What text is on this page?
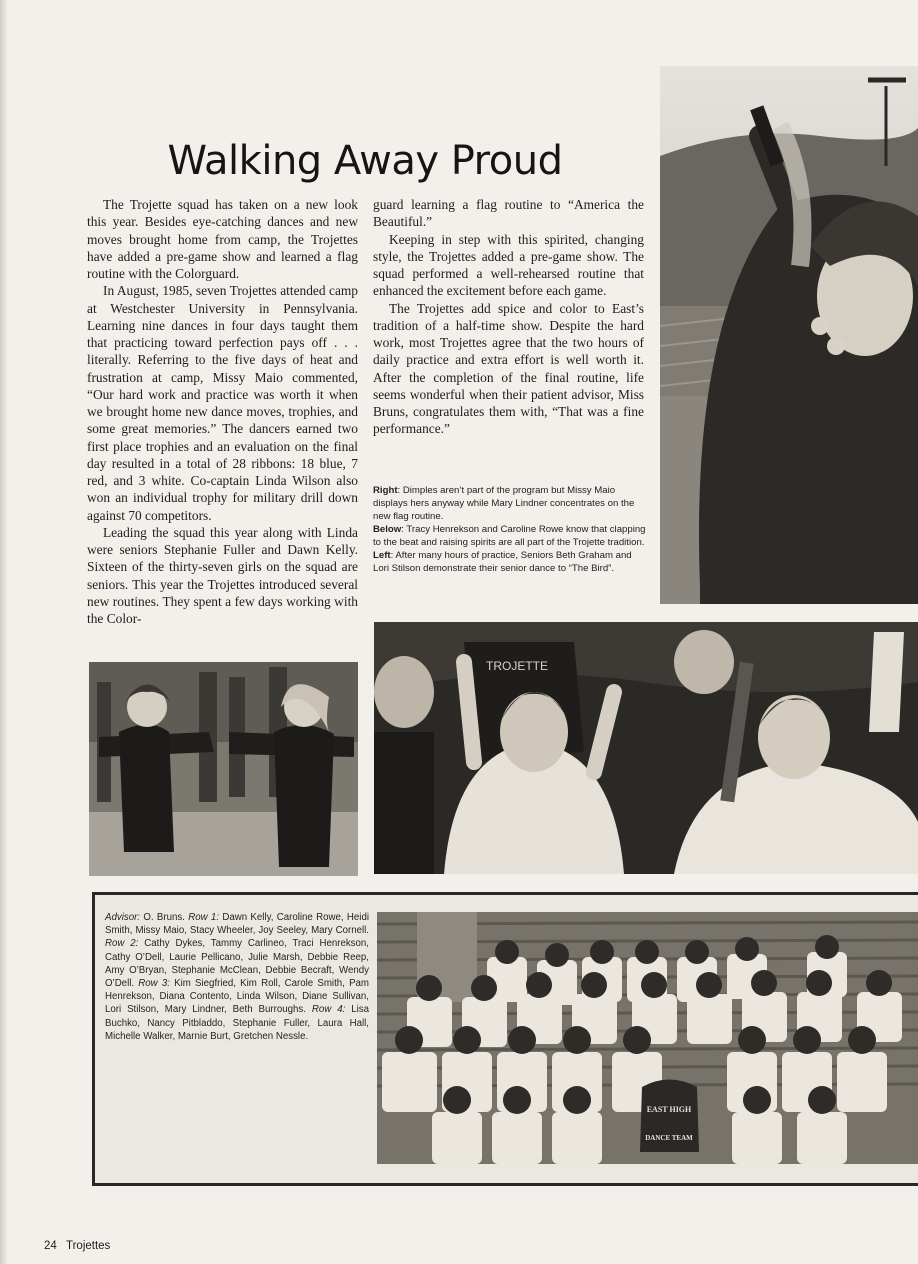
Walking Away Proud

The Trojette squad has taken on a new look this year. Besides eye-catching dances and new moves brought home from camp, the Trojettes have added a pre-game show and learned a flag routine with the Colorguard.

In August, 1985, seven Trojettes attended camp at Westchester University in Pennsylvania. Learning nine dances in four days taught them that practicing toward perfection pays off . . . literally. Referring to the five days of heat and frustration at camp, Missy Maio commented, “Our hard work and practice was worth it when we brought home new dance moves, trophies, and some great memories.” The dancers earned two first place trophies and an evaluation on the final day resulted in a total of 28 ribbons: 18 blue, 7 red, and 3 white. Co-captain Linda Wilson also won an individual trophy for military drill down against 70 competitors.

Leading the squad this year along with Linda were seniors Stephanie Fuller and Dawn Kelly. Sixteen of the thirty-seven girls on the squad are seniors. This year the Trojettes introduced several new routines. They spent a few days working with the Color-

guard learning a flag routine to “America the Beautiful.”

Keeping in step with this spirited, changing style, the Trojettes added a pre-game show. The squad performed a well-rehearsed routine that enhanced the excitement before each game.

The Trojettes add spice and color to East’s tradition of a half-time show. Despite the hard work, most Trojettes agree that the two hours of daily practice and extra effort is well worth it. After the completion of the final routine, life seems wonderful when their patient advisor, Miss Bruns, congratulates them with, “That was a fine performance.”

Right: Dimples aren’t part of the program but Missy Maio displays hers anyway while Mary Lindner concentrates on the new flag routine.

Below: Tracy Henrekson and Caroline Rowe know that clapping to the beat and raising spirits are all part of the Trojette tradition.

Left: After many hours of practice, Seniors Beth Graham and Lori Stilson demonstrate their senior dance to “The Bird”.

TROJETTE
Advisor: O. Bruns. Row 1: Dawn Kelly, Caroline Rowe, Heidi Smith, Missy Maio, Stacy Wheeler, Joy Seeley, Mary Cornell. Row 2: Cathy Dykes, Tammy Carlineo, Traci Henrekson, Cathy O’Dell, Laurie Pellicano, Julie Marsh, Debbie Reep, Amy O’Bryan, Stephanie McClean, Debbie Becraft, Wendy O’Dell. Row 3: Kim Siegfried, Kim Roll, Carole Smith, Pam Henrekson, Diana Contento, Linda Wilson, Diane Sullivan, Lori Stilson, Mary Lindner, Beth Burroughs. Row 4: Lisa Buchko, Nancy Pitbladdo, Stephanie Fuller, Laura Hall, Michelle Walker, Marnie Burt, Gretchen Nessle.
EAST HIGH
DANCE TEAM
24 Trojettes
